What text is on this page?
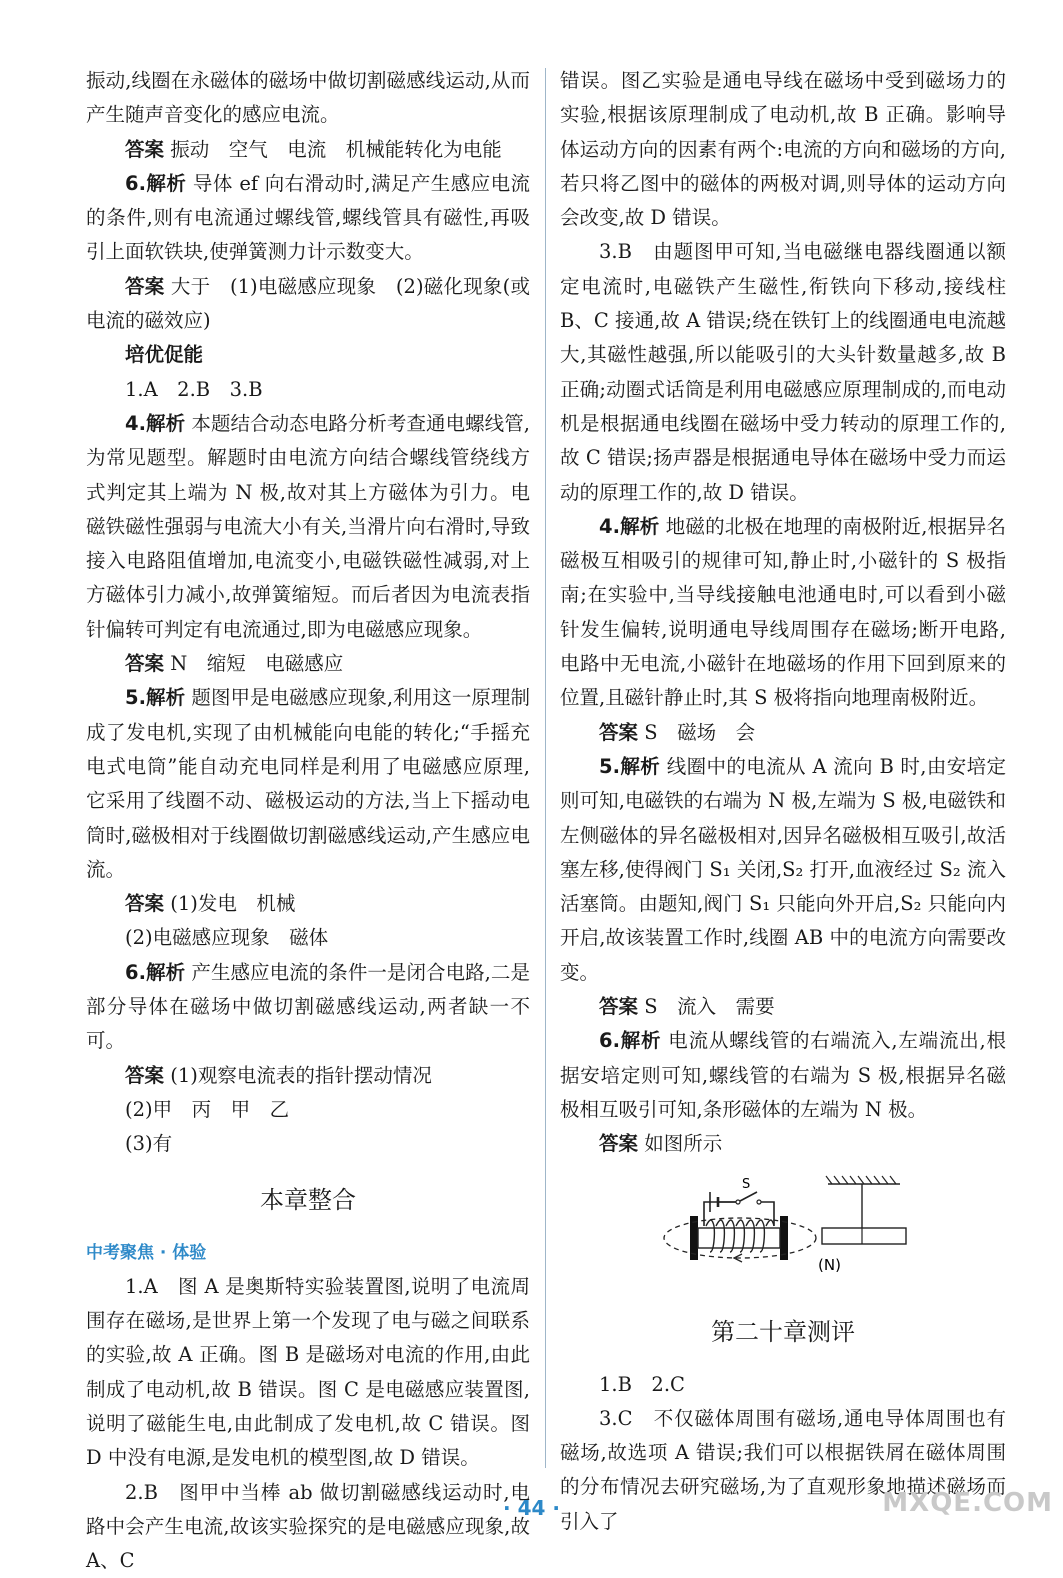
振动,线圈在永磁体的磁场中做切割磁感线运动,从而产生随声音变化的感应电流。

答案 振动　空气　电流　机械能转化为电能

6.解析 导体 ef 向右滑动时,满足产生感应电流的条件,则有电流通过螺线管,螺线管具有磁性,再吸引上面软铁块,使弹簧测力计示数变大。

答案 大于　(1)电磁感应现象　(2)磁化现象(或电流的磁效应)

培优促能

1.A　2.B　3.B

4.解析 本题结合动态电路分析考查通电螺线管,为常见题型。解题时由电流方向结合螺线管绕线方式判定其上端为 N 极,故对其上方磁体为引力。电磁铁磁性强弱与电流大小有关,当滑片向右滑时,导致接入电路阻值增加,电流变小,电磁铁磁性减弱,对上方磁体引力减小,故弹簧缩短。而后者因为电流表指针偏转可判定有电流通过,即为电磁感应现象。

答案 N　缩短　电磁感应

5.解析 题图甲是电磁感应现象,利用这一原理制成了发电机,实现了由机械能向电能的转化;“手摇充电式电筒”能自动充电同样是利用了电磁感应原理,它采用了线圈不动、磁极运动的方法,当上下摇动电筒时,磁极相对于线圈做切割磁感线运动,产生感应电流。

答案 (1)发电　机械

(2)电磁感应现象　磁体

6.解析 产生感应电流的条件一是闭合电路,二是部分导体在磁场中做切割磁感线运动,两者缺一不可。

答案 (1)观察电流表的指针摆动情况

(2)甲　丙　甲　乙

(3)有

本章整合
中考聚焦 · 体验

1.A　图 A 是奥斯特实验装置图,说明了电流周围存在磁场,是世界上第一个发现了电与磁之间联系的实验,故 A 正确。图 B 是磁场对电流的作用,由此制成了电动机,故 B 错误。图 C 是电磁感应装置图,说明了磁能生电,由此制成了发电机,故 C 错误。图 D 中没有电源,是发电机的模型图,故 D 错误。

2.B　图甲中当棒 ab 做切割磁感线运动时,电路中会产生电流,故该实验探究的是电磁感应现象,故 A、C

错误。图乙实验是通电导线在磁场中受到磁场力的实验,根据该原理制成了电动机,故 B 正确。影响导体运动方向的因素有两个:电流的方向和磁场的方向,若只将乙图中的磁体的两极对调,则导体的运动方向会改变,故 D 错误。

3.B　由题图甲可知,当电磁继电器线圈通以额定电流时,电磁铁产生磁性,衔铁向下移动,接线柱 B、C 接通,故 A 错误;绕在铁钉上的线圈通电电流越大,其磁性越强,所以能吸引的大头针数量越多,故 B 正确;动圈式话筒是利用电磁感应原理制成的,而电动机是根据通电线圈在磁场中受力转动的原理工作的,故 C 错误;扬声器是根据通电导体在磁场中受力而运动的原理工作的,故 D 错误。

4.解析 地磁的北极在地理的南极附近,根据异名磁极互相吸引的规律可知,静止时,小磁针的 S 极指南;在实验中,当导线接触电池通电时,可以看到小磁针发生偏转,说明通电导线周围存在磁场;断开电路,电路中无电流,小磁针在地磁场的作用下回到原来的位置,且磁针静止时,其 S 极将指向地理南极附近。

答案 S　磁场　会

5.解析 线圈中的电流从 A 流向 B 时,由安培定则可知,电磁铁的右端为 N 极,左端为 S 极,电磁铁和左侧磁体的异名磁极相对,因异名磁极相互吸引,故活塞左移,使得阀门 S₁ 关闭,S₂ 打开,血液经过 S₂ 流入活塞筒。由题知,阀门 S₁ 只能向外开启,S₂ 只能向内开启,故该装置工作时,线圈 AB 中的电流方向需要改变。

答案 S　流入　需要

6.解析 电流从螺线管的右端流入,左端流出,根据安培定则可知,螺线管的右端为 S 极,根据异名磁极相互吸引可知,条形磁体的左端为 N 极。

答案 如图所示

S
(N)
第二十章测评

1.B　2.C

3.C　不仅磁体周围有磁场,通电导体周围也有磁场,故选项 A 错误;我们可以根据铁屑在磁体周围的分布情况去研究磁场,为了直观形象地描述磁场而引入了

· 44 ·	MXQE.COM
